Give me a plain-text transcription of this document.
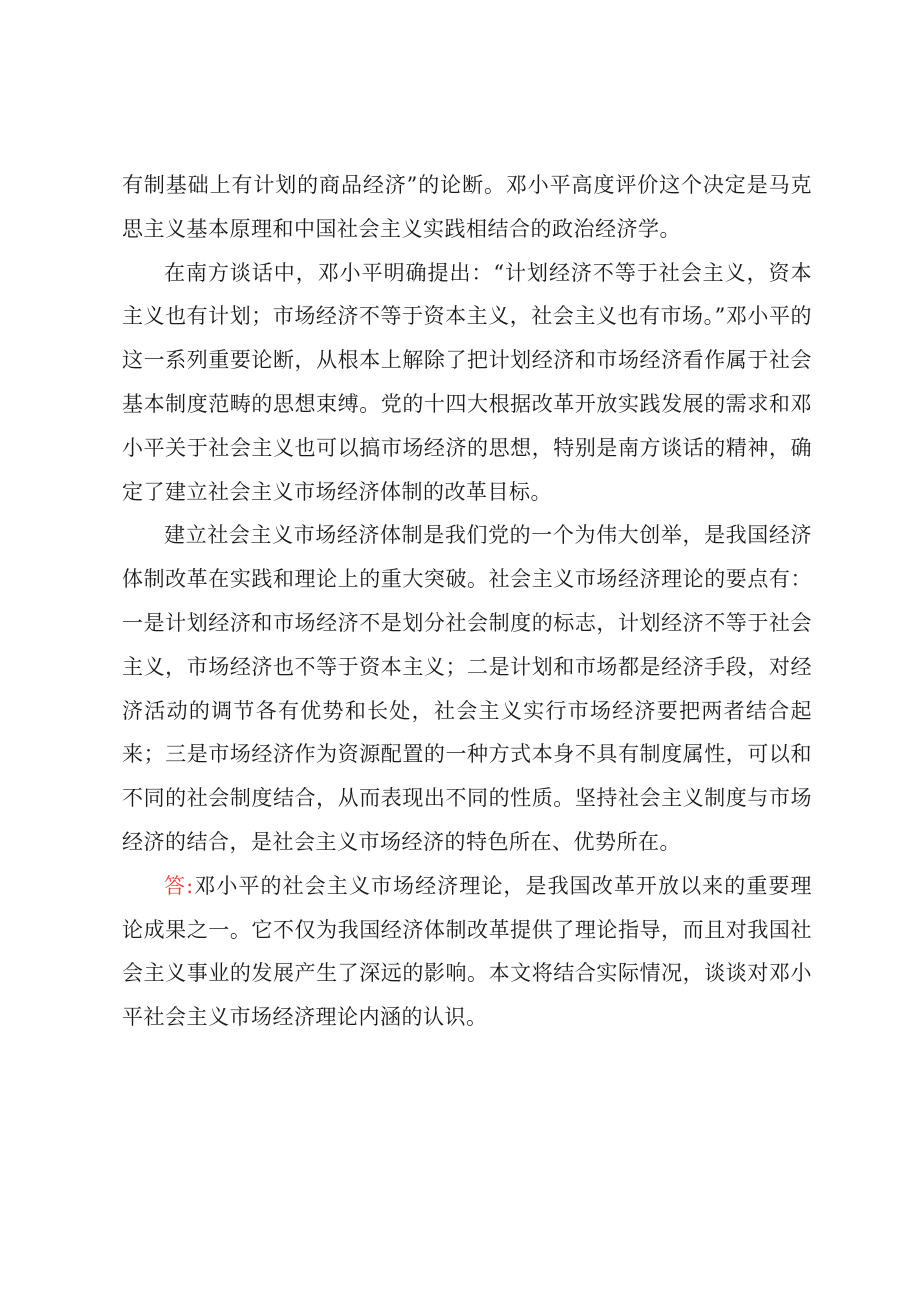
有制基础上有计划的商品经济”的论断。邓小平高度评价这个决定是马克思主义基本原理和中国社会主义实践相结合的政治经济学。

在南方谈话中，邓小平明确提出：“计划经济不等于社会主义，资本主义也有计划；市场经济不等于资本主义，社会主义也有市场。”邓小平的这一系列重要论断，从根本上解除了把计划经济和市场经济看作属于社会基本制度范畴的思想束缚。党的十四大根据改革开放实践发展的需求和邓小平关于社会主义也可以搞市场经济的思想，特别是南方谈话的精神，确定了建立社会主义市场经济体制的改革目标。

建立社会主义市场经济体制是我们党的一个为伟大创举，是我国经济体制改革在实践和理论上的重大突破。社会主义市场经济理论的要点有：一是计划经济和市场经济不是划分社会制度的标志，计划经济不等于社会主义，市场经济也不等于资本主义；二是计划和市场都是经济手段，对经济活动的调节各有优势和长处，社会主义实行市场经济要把两者结合起来；三是市场经济作为资源配置的一种方式本身不具有制度属性，可以和不同的社会制度结合，从而表现出不同的性质。坚持社会主义制度与市场经济的结合，是社会主义市场经济的特色所在、优势所在。

答:邓小平的社会主义市场经济理论，是我国改革开放以来的重要理论成果之一。它不仅为我国经济体制改革提供了理论指导，而且对我国社会主义事业的发展产生了深远的影响。本文将结合实际情况，谈谈对邓小平社会主义市场经济理论内涵的认识。
